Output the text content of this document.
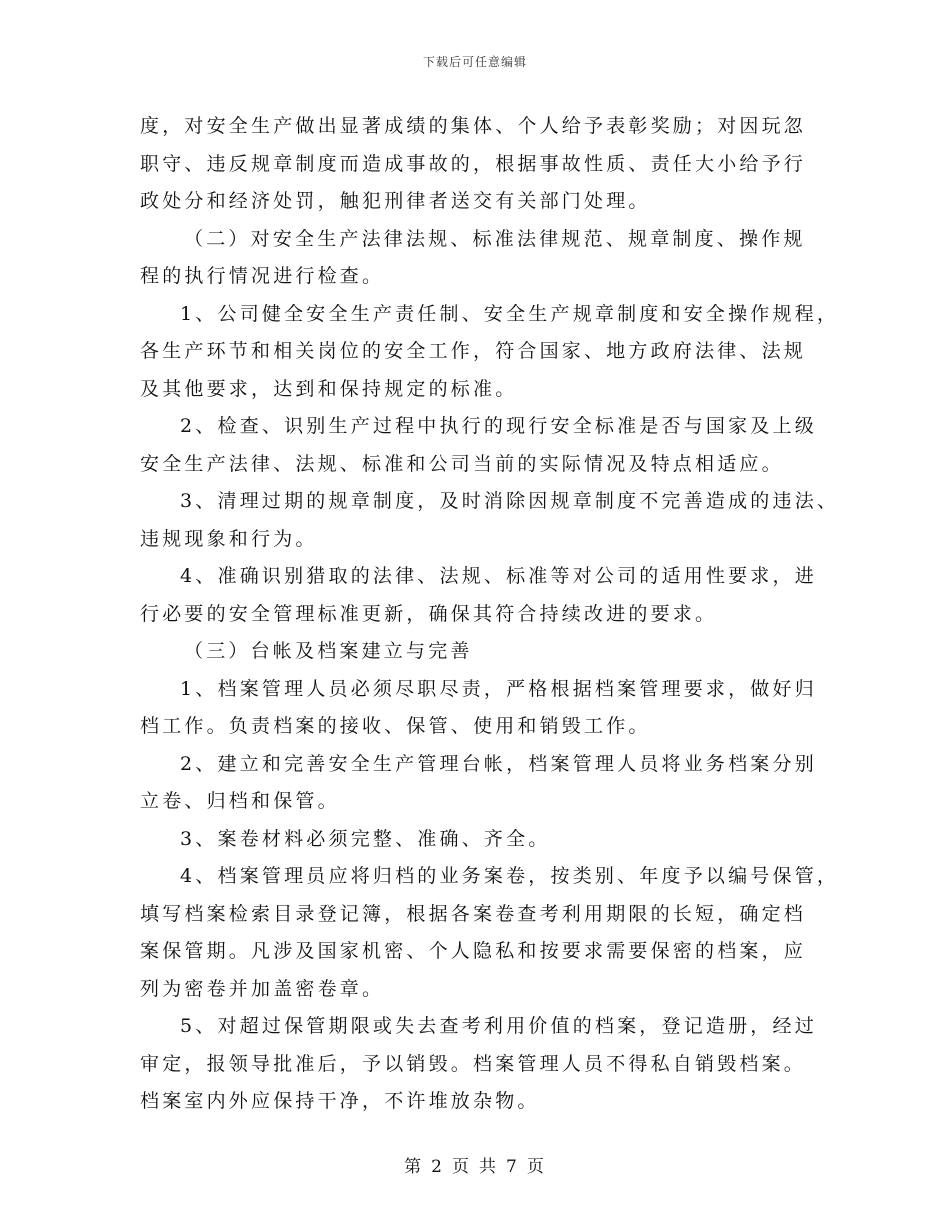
下载后可任意编辑
度，对安全生产做出显著成绩的集体、个人给予表彰奖励；对因玩忽
职守、违反规章制度而造成事故的，根据事故性质、责任大小给予行
政处分和经济处罚，触犯刑律者送交有关部门处理。
（二）对安全生产法律法规、标准法律规范、规章制度、操作规
程的执行情况进行检查。
1、公司健全安全生产责任制、安全生产规章制度和安全操作规程，
各生产环节和相关岗位的安全工作，符合国家、地方政府法律、法规
及其他要求，达到和保持规定的标准。
2、检查、识别生产过程中执行的现行安全标准是否与国家及上级
安全生产法律、法规、标准和公司当前的实际情况及特点相适应。
3、清理过期的规章制度，及时消除因规章制度不完善造成的违法、
违规现象和行为。
4、准确识别猎取的法律、法规、标准等对公司的适用性要求，进
行必要的安全管理标准更新，确保其符合持续改进的要求。
（三）台帐及档案建立与完善
1、档案管理人员必须尽职尽责，严格根据档案管理要求，做好归
档工作。负责档案的接收、保管、使用和销毁工作。
2、建立和完善安全生产管理台帐，档案管理人员将业务档案分别
立卷、归档和保管。
3、案卷材料必须完整、准确、齐全。
4、档案管理员应将归档的业务案卷，按类别、年度予以编号保管，
填写档案检索目录登记簿，根据各案卷查考利用期限的长短，确定档
案保管期。凡涉及国家机密、个人隐私和按要求需要保密的档案，应
列为密卷并加盖密卷章。
5、对超过保管期限或失去查考利用价值的档案，登记造册，经过
审定，报领导批准后，予以销毁。档案管理人员不得私自销毁档案。
档案室内外应保持干净，不许堆放杂物。
第 2 页 共 7 页
